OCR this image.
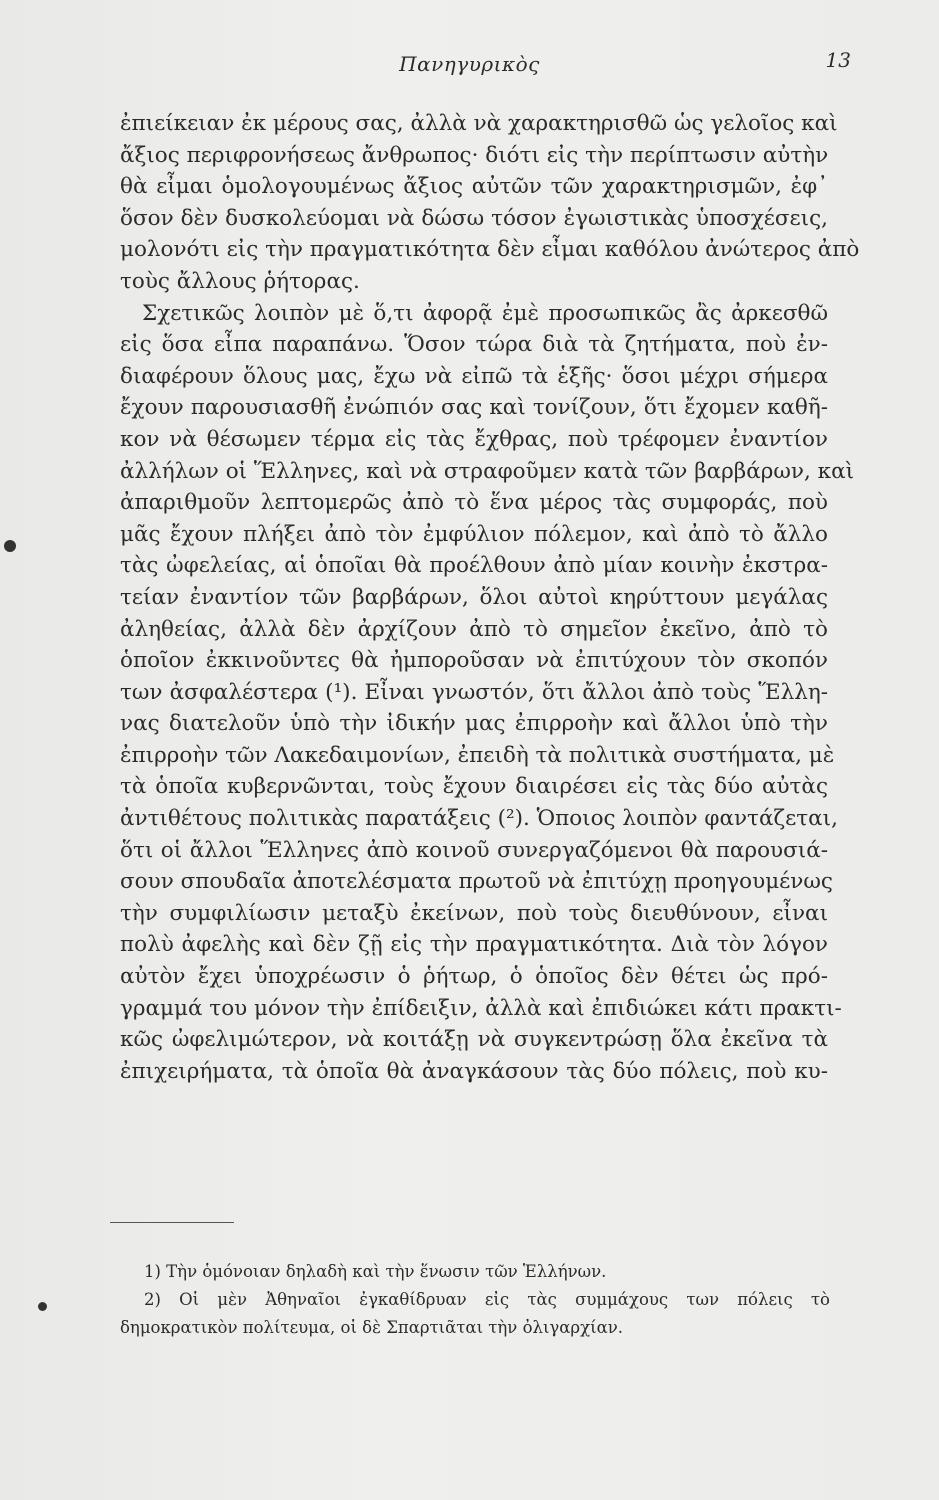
Πανηγυρικὸς	13
ἐπιείκειαν ἐκ μέρους σας, ἀλλὰ νὰ χαρακτηρισθῶ ὡς γελοῖος καὶ
ἄξιος περιφρονήσεως ἄνθρωπος· διότι εἰς τὴν περίπτωσιν αὐτὴν
θὰ εἶμαι ὁμολογουμένως ἄξιος αὐτῶν τῶν χαρακτηρισμῶν, ἐφ᾽
ὅσον δὲν δυσκολεύομαι νὰ δώσω τόσον ἐγωιστικὰς ὑποσχέσεις,
μολονότι εἰς τὴν πραγματικότητα δὲν εἶμαι καθόλου ἀνώτερος ἀπὸ
τοὺς ἄλλους ῥήτορας.
Σχετικῶς λοιπὸν μὲ ὅ,τι ἀφορᾷ ἐμὲ προσωπικῶς ἂς ἀρκεσθῶ
εἰς ὅσα εἶπα παραπάνω. Ὅσον τώρα διὰ τὰ ζητήματα, ποὺ ἐν-
διαφέρουν ὅλους μας, ἔχω νὰ εἰπῶ τὰ ἑξῆς· ὅσοι μέχρι σήμερα
ἔχουν παρουσιασθῆ ἐνώπιόν σας καὶ τονίζουν, ὅτι ἔχομεν καθῆ-
κον νὰ θέσωμεν τέρμα εἰς τὰς ἔχθρας, ποὺ τρέφομεν ἐναντίον
ἀλλήλων οἱ Ἕλληνες, καὶ νὰ στραφοῦμεν κατὰ τῶν βαρβάρων, καὶ
ἀπαριθμοῦν λεπτομερῶς ἀπὸ τὸ ἕνα μέρος τὰς συμφοράς, ποὺ
μᾶς ἔχουν πλήξει ἀπὸ τὸν ἐμφύλιον πόλεμον, καὶ ἀπὸ τὸ ἄλλο
τὰς ὠφελείας, αἱ ὁποῖαι θὰ προέλθουν ἀπὸ μίαν κοινὴν ἐκστρα-
τείαν ἐναντίον τῶν βαρβάρων, ὅλοι αὐτοὶ κηρύττουν μεγάλας
ἀληθείας, ἀλλὰ δὲν ἀρχίζουν ἀπὸ τὸ σημεῖον ἐκεῖνο, ἀπὸ τὸ
ὁποῖον ἐκκινοῦντες θὰ ἠμποροῦσαν νὰ ἐπιτύχουν τὸν σκοπόν
των ἀσφαλέστερα (¹). Εἶναι γνωστόν, ὅτι ἄλλοι ἀπὸ τοὺς Ἕλλη-
νας διατελοῦν ὑπὸ τὴν ἰδικήν μας ἐπιρροὴν καὶ ἄλλοι ὑπὸ τὴν
ἐπιρροὴν τῶν Λακεδαιμονίων, ἐπειδὴ τὰ πολιτικὰ συστήματα, μὲ
τὰ ὁποῖα κυβερνῶνται, τοὺς ἔχουν διαιρέσει εἰς τὰς δύο αὐτὰς
ἀντιθέτους πολιτικὰς παρατάξεις (²). Ὁποιος λοιπὸν φαντάζεται,
ὅτι οἱ ἄλλοι Ἕλληνες ἀπὸ κοινοῦ συνεργαζόμενοι θὰ παρουσιά-
σουν σπουδαῖα ἀποτελέσματα πρωτοῦ νὰ ἐπιτύχῃ προηγουμένως
τὴν συμφιλίωσιν μεταξὺ ἐκείνων, ποὺ τοὺς διευθύνουν, εἶναι
πολὺ ἀφελὴς καὶ δὲν ζῇ εἰς τὴν πραγματικότητα. Διὰ τὸν λόγον
αὐτὸν ἔχει ὑποχρέωσιν ὁ ῥήτωρ, ὁ ὁποῖος δὲν θέτει ὡς πρό-
γραμμά του μόνον τὴν ἐπίδειξιν, ἀλλὰ καὶ ἐπιδιώκει κάτι πρακτι-
κῶς ὠφελιμώτερον, νὰ κοιτάξῃ νὰ συγκεντρώσῃ ὅλα ἐκεῖνα τὰ
ἐπιχειρήματα, τὰ ὁποῖα θὰ ἀναγκάσουν τὰς δύο πόλεις, ποὺ κυ-
1) Τὴν ὁμόνοιαν δηλαδὴ καὶ τὴν ἕνωσιν τῶν Ἑλλήνων.
2) Οἱ μὲν Ἀθηναῖοι ἐγκαθίδρυαν εἰς τὰς συμμάχους των πόλεις τὸ
δημοκρατικὸν πολίτευμα, οἱ δὲ Σπαρτιᾶται τὴν ὀλιγαρχίαν.
